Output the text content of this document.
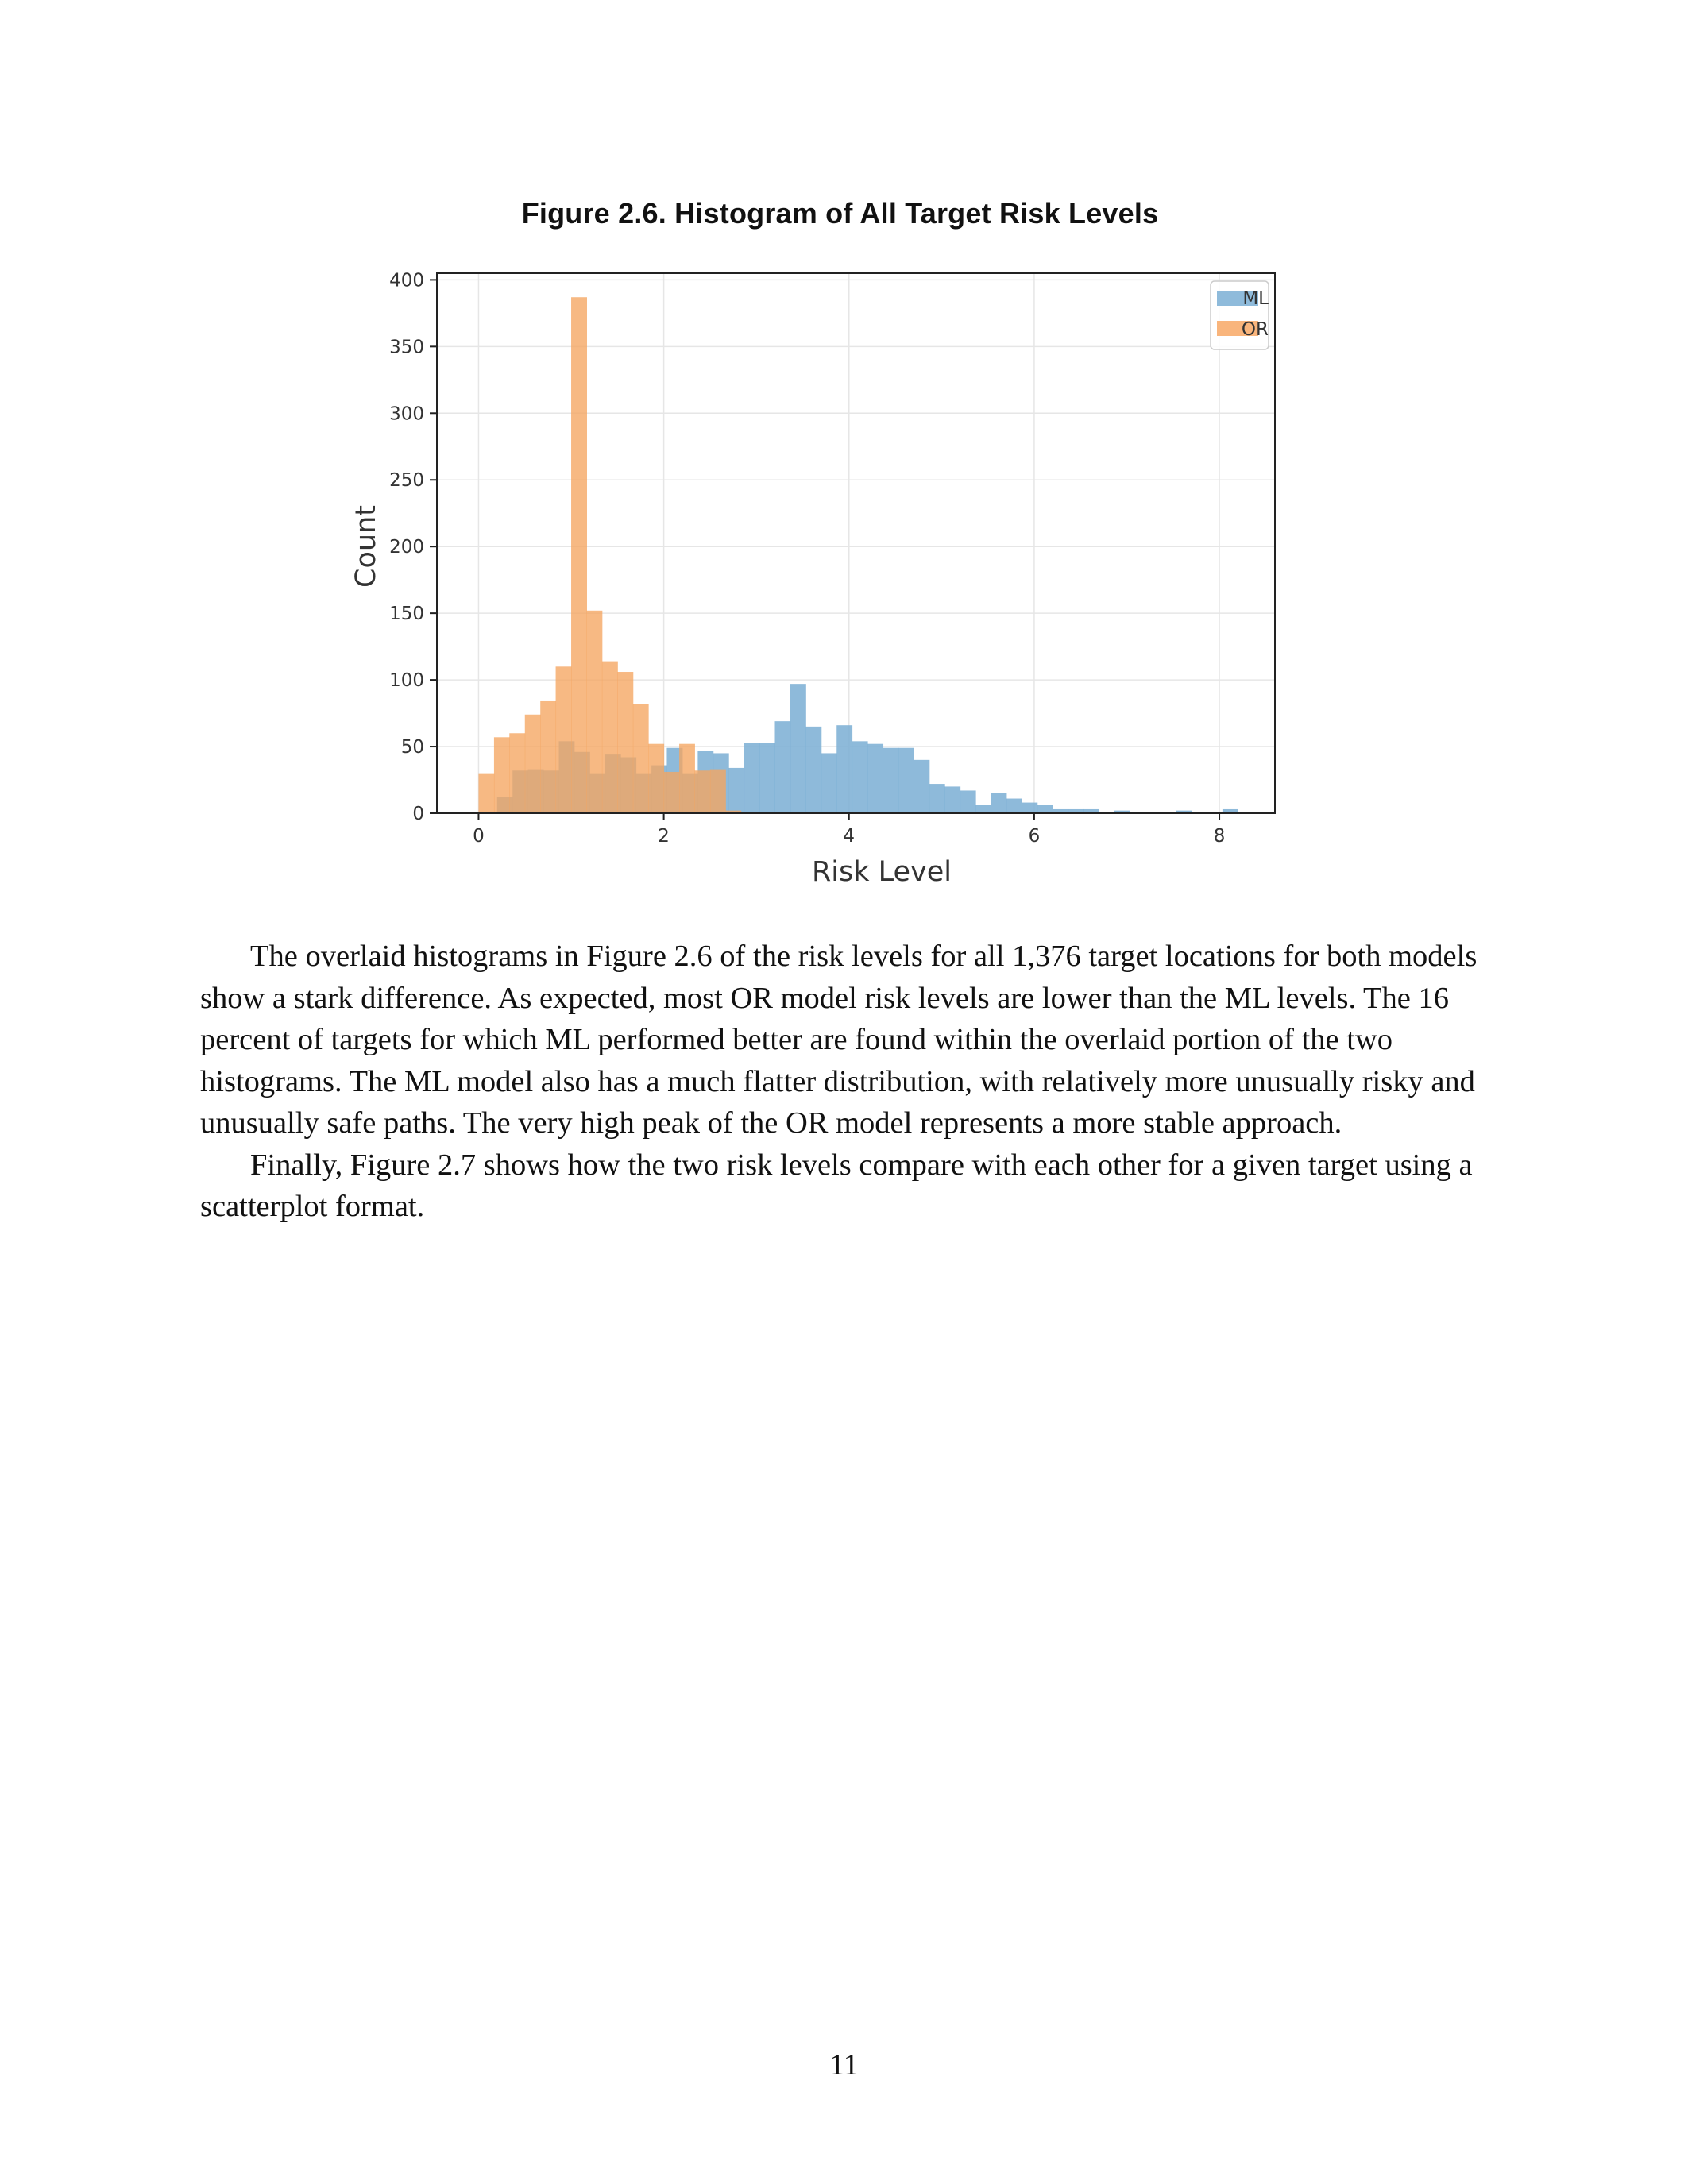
Figure 2.6. Histogram of All Target Risk Levels
0	2	4	6	8
0
50
100
150
200
250
300
350
400
Risk Level
Count
ML
OR

The overlaid histograms in Figure 2.6 of the risk levels for all 1,376 target locations for both models show a stark difference. As expected, most OR model risk levels are lower than the ML levels. The 16 percent of targets for which ML performed better are found within the overlaid portion of the two histograms. The ML model also has a much flatter distribution, with relatively more unusually risky and unusually safe paths. The very high peak of the OR model represents a more stable approach.

Finally, Figure 2.7 shows how the two risk levels compare with each other for a given target using a scatterplot format.

11
